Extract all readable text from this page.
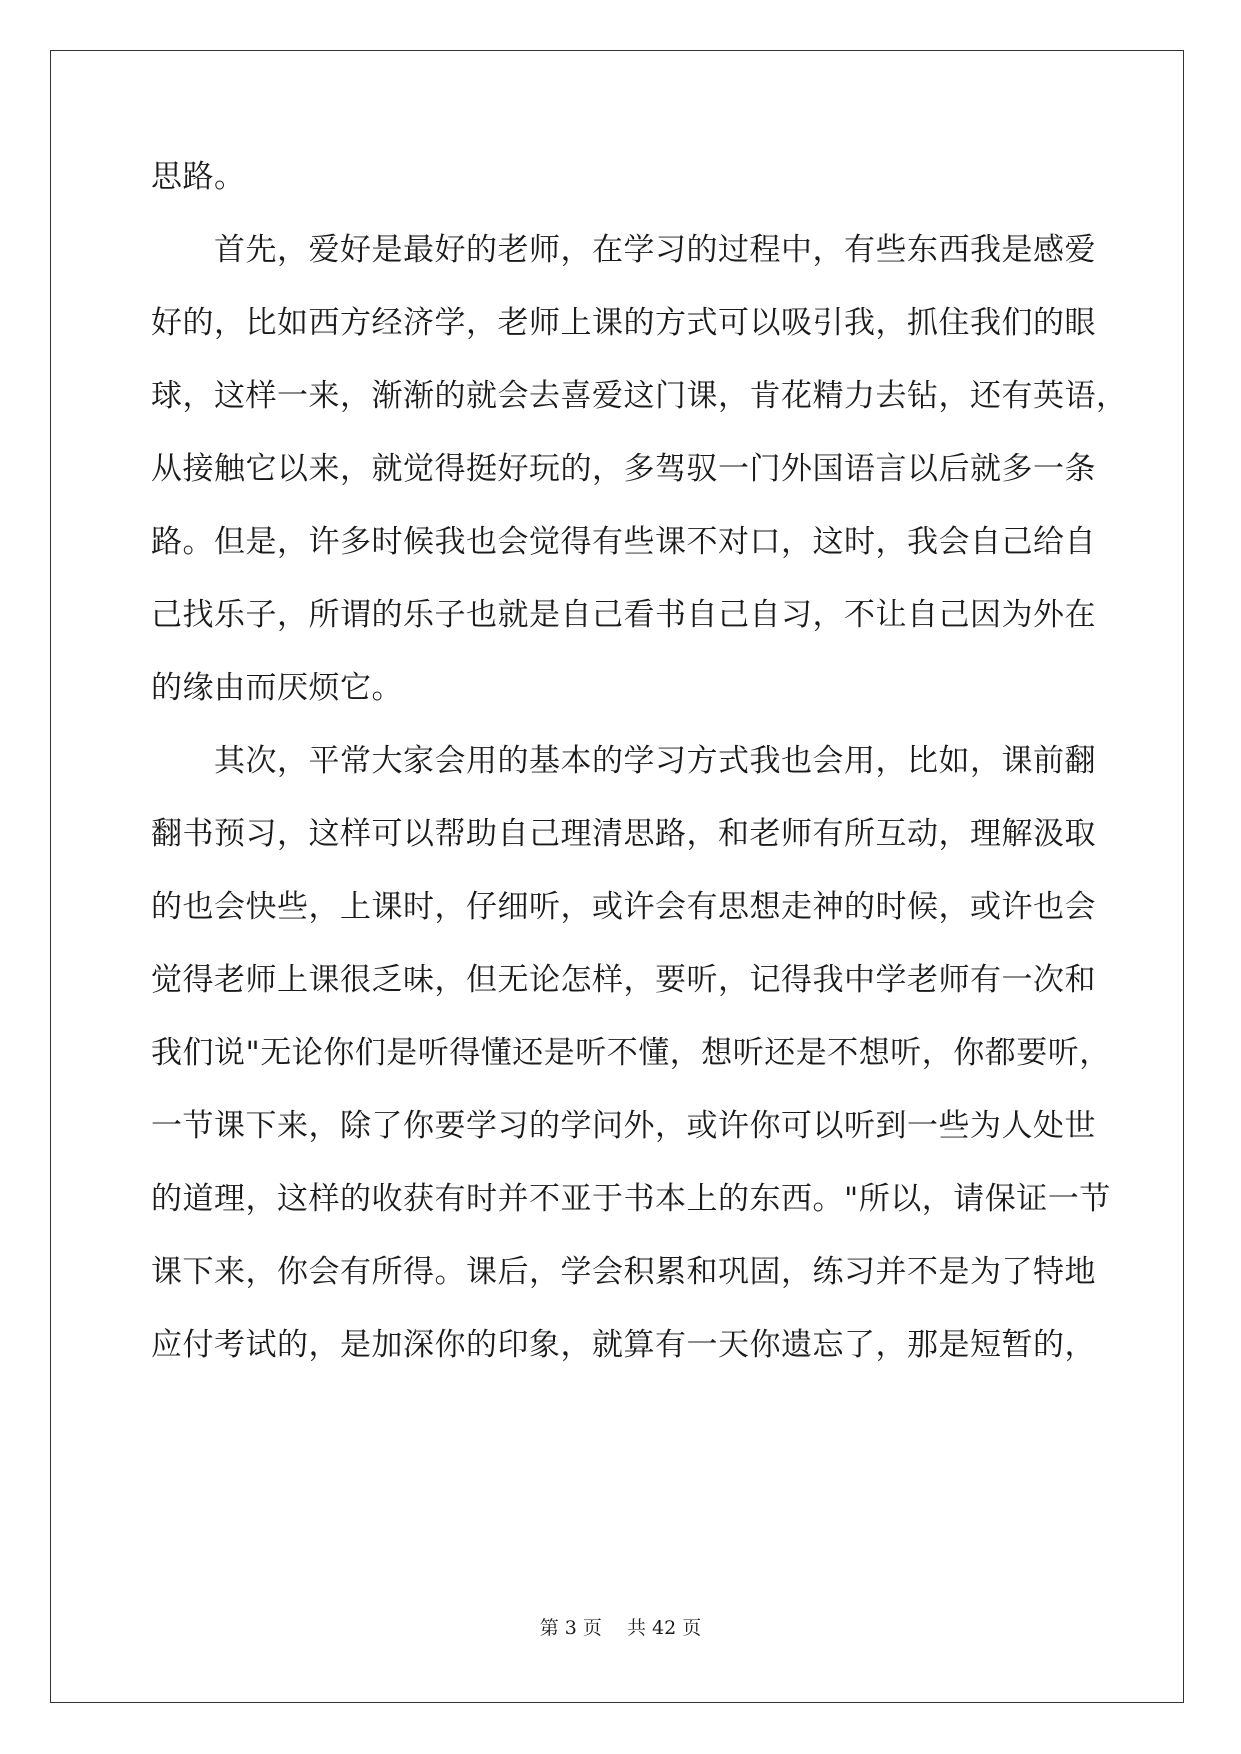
思路。
　　首先，爱好是最好的老师，在学习的过程中，有些东西我是感爱
好的，比如西方经济学，老师上课的方式可以吸引我，抓住我们的眼
球，这样一来，渐渐的就会去喜爱这门课，肯花精力去钻，还有英语，
从接触它以来，就觉得挺好玩的，多驾驭一门外国语言以后就多一条
路。但是，许多时候我也会觉得有些课不对口，这时，我会自己给自
己找乐子，所谓的乐子也就是自己看书自己自习，不让自己因为外在
的缘由而厌烦它。
　　其次，平常大家会用的基本的学习方式我也会用，比如，课前翻
翻书预习，这样可以帮助自己理清思路，和老师有所互动，理解汲取
的也会快些，上课时，仔细听，或许会有思想走神的时候，或许也会
觉得老师上课很乏味，但无论怎样，要听，记得我中学老师有一次和
我们说"无论你们是听得懂还是听不懂，想听还是不想听，你都要听，
一节课下来，除了你要学习的学问外，或许你可以听到一些为人处世
的道理，这样的收获有时并不亚于书本上的东西。"所以，请保证一节
课下来，你会有所得。课后，学会积累和巩固，练习并不是为了特地
应付考试的，是加深你的印象，就算有一天你遗忘了，那是短暂的，
第 3 页　 共 42 页
